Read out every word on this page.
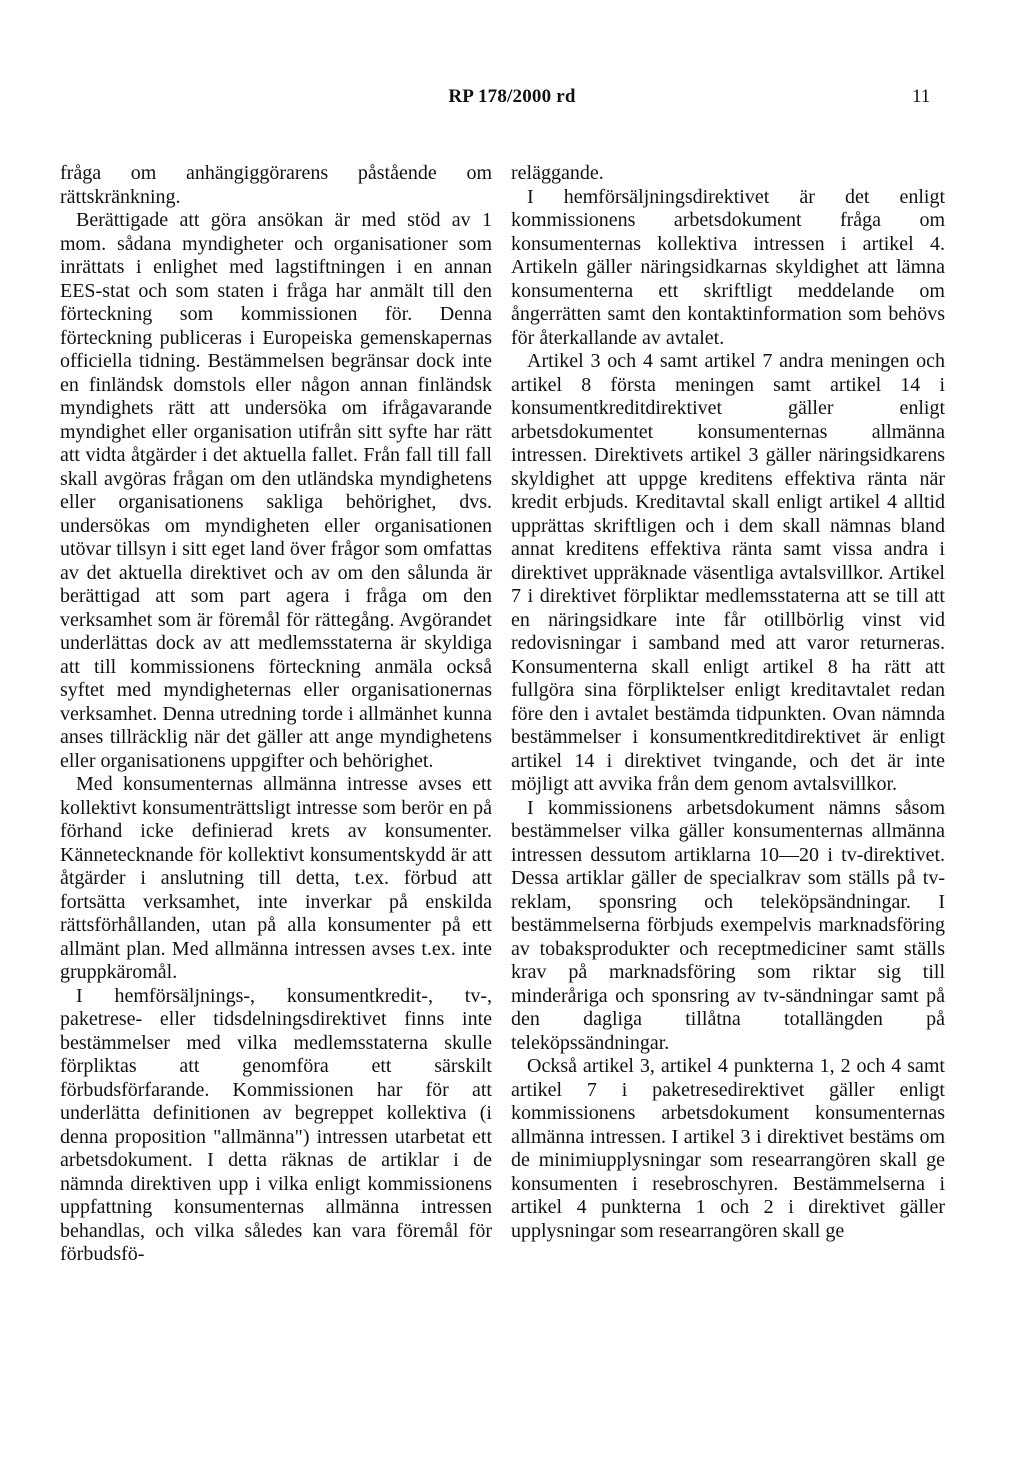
RP 178/2000 rd	11

fråga om anhängiggörarens påstående om rättskränkning.

Berättigade att göra ansökan är med stöd av 1 mom. sådana myndigheter och organisationer som inrättats i enlighet med lagstiftningen i en annan EES-stat och som staten i fråga har anmält till den förteckning som kommissionen för. Denna förteckning publiceras i Europeiska gemenskapernas officiella tidning. Bestämmelsen begränsar dock inte en finländsk domstols eller någon annan finländsk myndighets rätt att undersöka om ifrågavarande myndighet eller organisation utifrån sitt syfte har rätt att vidta åtgärder i det aktuella fallet. Från fall till fall skall avgöras frågan om den utländska myndighetens eller organisationens sakliga behörighet, dvs. undersökas om myndigheten eller organisationen utövar tillsyn i sitt eget land över frågor som omfattas av det aktuella direktivet och av om den sålunda är berättigad att som part agera i fråga om den verksamhet som är föremål för rättegång. Avgörandet underlättas dock av att medlemsstaterna är skyldiga att till kommissionens förteckning anmäla också syftet med myndigheternas eller organisationernas verksamhet. Denna utredning torde i allmänhet kunna anses tillräcklig när det gäller att ange myndighetens eller organisationens uppgifter och behörighet.

Med konsumenternas allmänna intresse avses ett kollektivt konsumenträttsligt intresse som berör en på förhand icke definierad krets av konsumenter. Kännetecknande för kollektivt konsumentskydd är att åtgärder i anslutning till detta, t.ex. förbud att fortsätta verksamhet, inte inverkar på enskilda rättsförhållanden, utan på alla konsumenter på ett allmänt plan. Med allmänna intressen avses t.ex. inte gruppkäromål.

I hemförsäljnings-, konsumentkredit-, tv-, paketrese- eller tidsdelningsdirektivet finns inte bestämmelser med vilka medlemsstaterna skulle förpliktas att genomföra ett särskilt förbudsförfarande. Kommissionen har för att underlätta definitionen av begreppet kollektiva (i denna proposition "allmänna") intressen utarbetat ett arbetsdokument. I detta räknas de artiklar i de nämnda direktiven upp i vilka enligt kommissionens uppfattning konsumenternas allmänna intressen behandlas, och vilka således kan vara föremål för förbudsfö-

reläggande.

I hemförsäljningsdirektivet är det enligt kommissionens arbetsdokument fråga om konsumenternas kollektiva intressen i artikel 4. Artikeln gäller näringsidkarnas skyldighet att lämna konsumenterna ett skriftligt meddelande om ångerrätten samt den kontaktinformation som behövs för återkallande av avtalet.

Artikel 3 och 4 samt artikel 7 andra meningen och artikel 8 första meningen samt artikel 14 i konsumentkreditdirektivet gäller enligt arbetsdokumentet konsumenternas allmänna intressen. Direktivets artikel 3 gäller näringsidkarens skyldighet att uppge kreditens effektiva ränta när kredit erbjuds. Kreditavtal skall enligt artikel 4 alltid upprättas skriftligen och i dem skall nämnas bland annat kreditens effektiva ränta samt vissa andra i direktivet uppräknade väsentliga avtalsvillkor. Artikel 7 i direktivet förpliktar medlemsstaterna att se till att en näringsidkare inte får otillbörlig vinst vid redovisningar i samband med att varor returneras. Konsumenterna skall enligt artikel 8 ha rätt att fullgöra sina förpliktelser enligt kreditavtalet redan före den i avtalet bestämda tidpunkten. Ovan nämnda bestämmelser i konsumentkreditdirektivet är enligt artikel 14 i direktivet tvingande, och det är inte möjligt att avvika från dem genom avtalsvillkor.

I kommissionens arbetsdokument nämns såsom bestämmelser vilka gäller konsumenternas allmänna intressen dessutom artiklarna 10—20 i tv-direktivet. Dessa artiklar gäller de specialkrav som ställs på tv-reklam, sponsring och teleköpsändningar. I bestämmelserna förbjuds exempelvis marknadsföring av tobaksprodukter och receptmediciner samt ställs krav på marknadsföring som riktar sig till minderåriga och sponsring av tv-sändningar samt på den dagliga tillåtna totallängden på teleköpssändningar.

Också artikel 3, artikel 4 punkterna 1, 2 och 4 samt artikel 7 i paketresedirektivet gäller enligt kommissionens arbetsdokument konsumenternas allmänna intressen. I artikel 3 i direktivet bestäms om de minimiupplysningar som researrangören skall ge konsumenten i resebroschyren. Bestämmelserna i artikel 4 punkterna 1 och 2 i direktivet gäller upplysningar som researrangören skall ge
